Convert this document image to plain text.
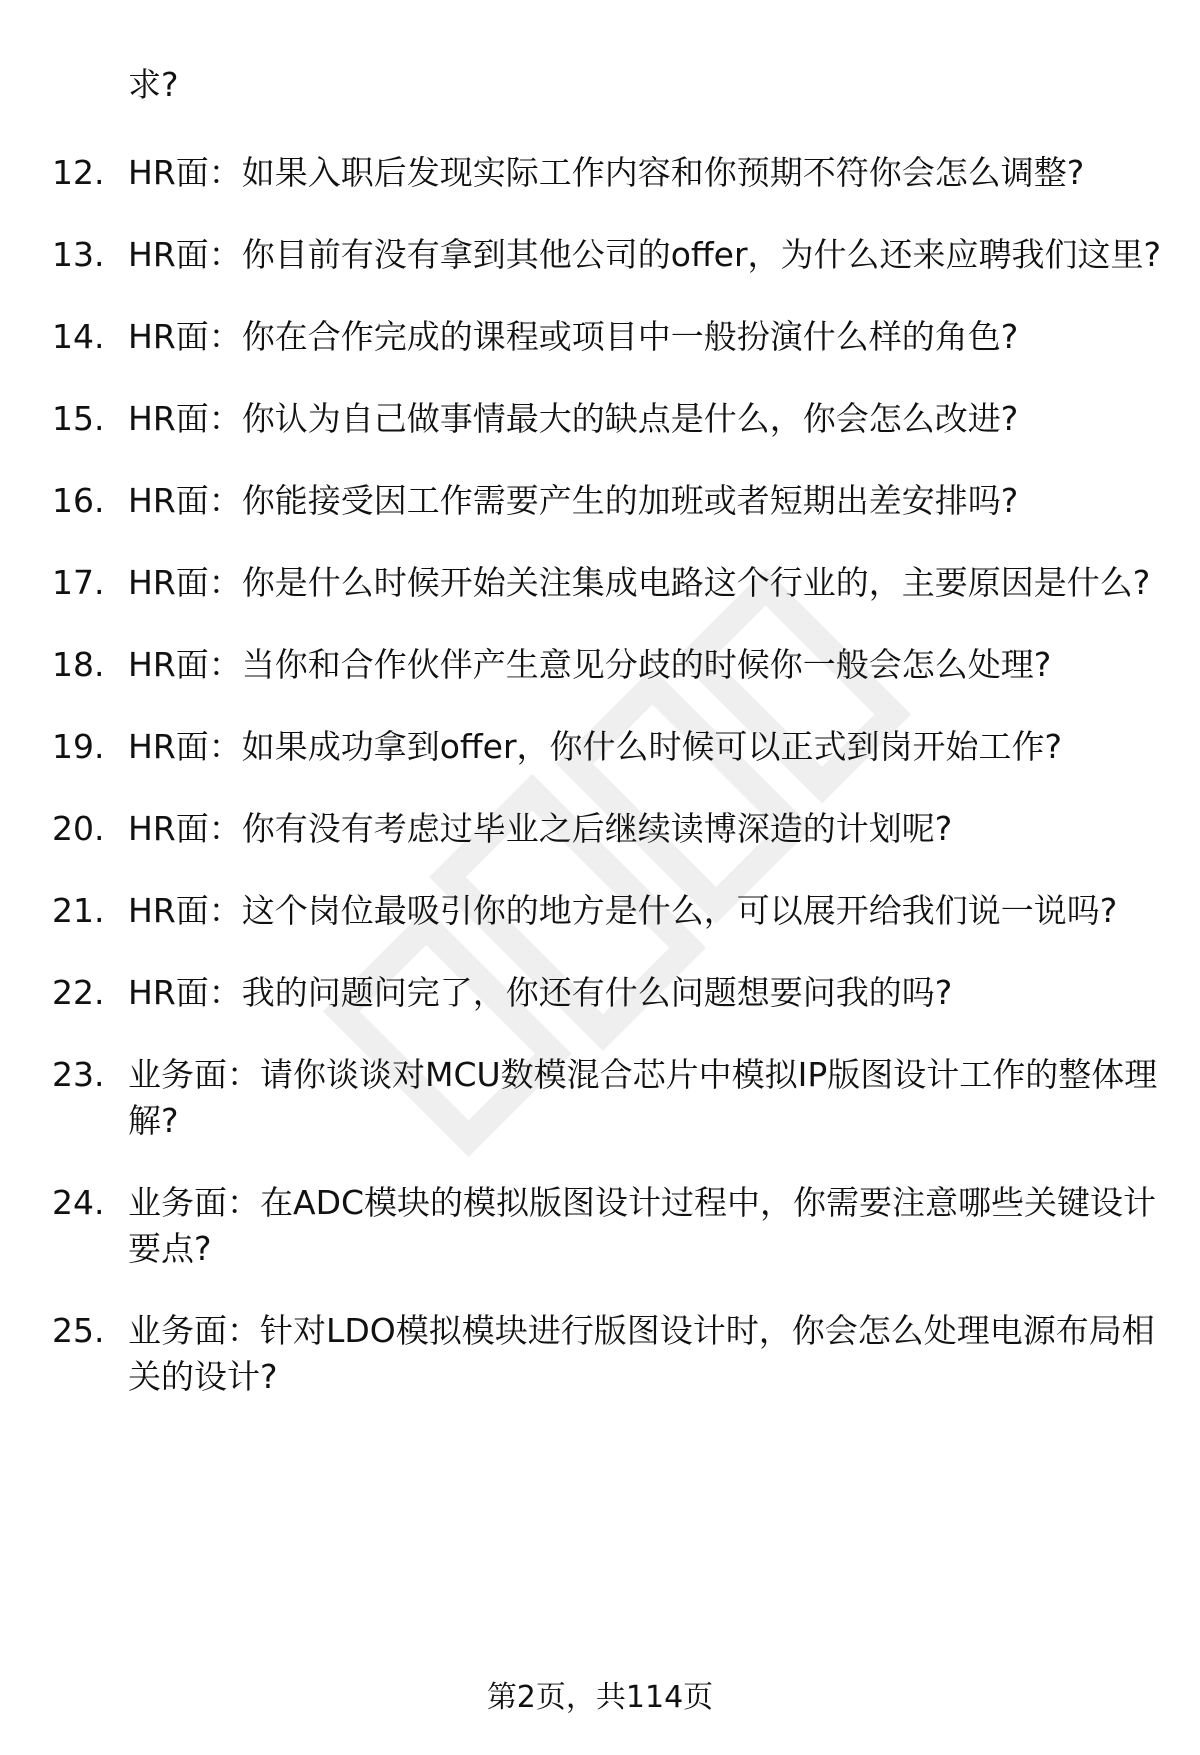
求?

12. HR面：如果入职后发现实际工作内容和你预期不符你会怎么调整?

13. HR面：你目前有没有拿到其他公司的offer，为什么还来应聘我们这里?

14. HR面：你在合作完成的课程或项目中一般扮演什么样的角色?

15. HR面：你认为自己做事情最大的缺点是什么，你会怎么改进?

16. HR面：你能接受因工作需要产生的加班或者短期出差安排吗?

17. HR面：你是什么时候开始关注集成电路这个行业的，主要原因是什么?

18. HR面：当你和合作伙伴产生意见分歧的时候你一般会怎么处理?

19. HR面：如果成功拿到offer，你什么时候可以正式到岗开始工作?

20. HR面：你有没有考虑过毕业之后继续读博深造的计划呢?

21. HR面：这个岗位最吸引你的地方是什么，可以展开给我们说一说吗?

22. HR面：我的问题问完了，你还有什么问题想要问我的吗?

23. 业务面：请你谈谈对MCU数模混合芯片中模拟IP版图设计工作的整体理解?

24. 业务面：在ADC模块的模拟版图设计过程中，你需要注意哪些关键设计要点?

25. 业务面：针对LDO模拟模块进行版图设计时，你会怎么处理电源布局相关的设计?

第2页，共114页
